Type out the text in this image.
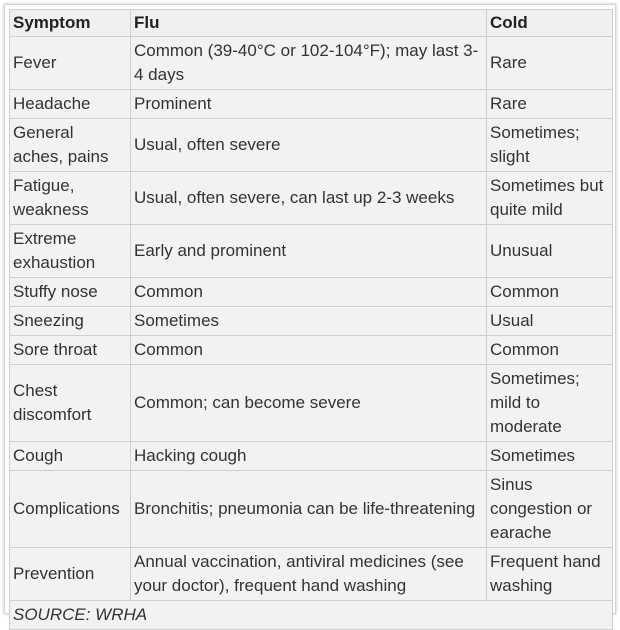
Symptom	Flu	Cold
Fever	Common (39-40°C or 102-104°F); may last 3-4 days	Rare
Headache	Prominent	Rare
General aches, pains	Usual, often severe	Sometimes; slight
Fatigue, weakness	Usual, often severe, can last up 2-3 weeks	Sometimes but quite mild
Extreme exhaustion	Early and prominent	Unusual
Stuffy nose	Common	Common
Sneezing	Sometimes	Usual
Sore throat	Common	Common
Chest discomfort	Common; can become severe	Sometimes; mild to moderate
Cough	Hacking cough	Sometimes
Complications	Bronchitis; pneumonia can be life-threatening	Sinus congestion or earache
Prevention	Annual vaccination, antiviral medicines (see your doctor), frequent hand washing	Frequent hand washing
SOURCE: WRHA		
